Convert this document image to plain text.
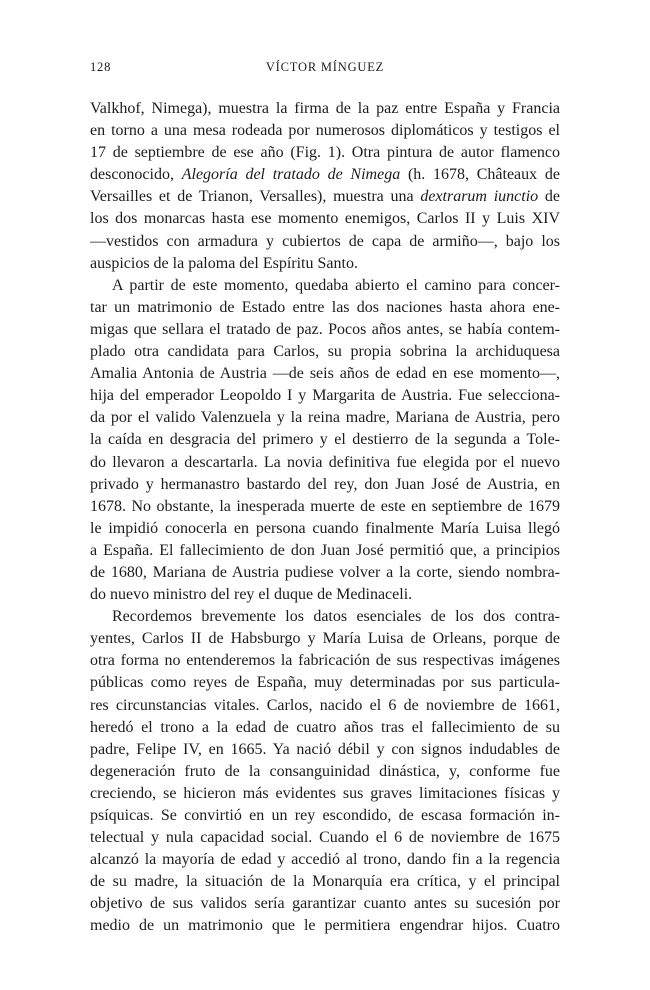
128	VÍCTOR MÍNGUEZ
Valkhof, Nimega), muestra la firma de la paz entre España y Francia
en torno a una mesa rodeada por numerosos diplomáticos y testigos el
17 de septiembre de ese año (Fig. 1). Otra pintura de autor flamenco
desconocido, Alegoría del tratado de Nimega (h. 1678, Châteaux de
Versailles et de Trianon, Versalles), muestra una dextrarum iunctio de
los dos monarcas hasta ese momento enemigos, Carlos II y Luis XIV
—vestidos con armadura y cubiertos de capa de armiño—, bajo los
auspicios de la paloma del Espíritu Santo.
A partir de este momento, quedaba abierto el camino para concer-
tar un matrimonio de Estado entre las dos naciones hasta ahora ene-
migas que sellara el tratado de paz. Pocos años antes, se había contem-
plado otra candidata para Carlos, su propia sobrina la archiduquesa
Amalia Antonia de Austria —de seis años de edad en ese momento—,
hija del emperador Leopoldo I y Margarita de Austria. Fue selecciona-
da por el valido Valenzuela y la reina madre, Mariana de Austria, pero
la caída en desgracia del primero y el destierro de la segunda a Tole-
do llevaron a descartarla. La novia definitiva fue elegida por el nuevo
privado y hermanastro bastardo del rey, don Juan José de Austria, en
1678. No obstante, la inesperada muerte de este en septiembre de 1679
le impidió conocerla en persona cuando finalmente María Luisa llegó
a España. El fallecimiento de don Juan José permitió que, a principios
de 1680, Mariana de Austria pudiese volver a la corte, siendo nombra-
do nuevo ministro del rey el duque de Medinaceli.
Recordemos brevemente los datos esenciales de los dos contra-
yentes, Carlos II de Habsburgo y María Luisa de Orleans, porque de
otra forma no entenderemos la fabricación de sus respectivas imágenes
públicas como reyes de España, muy determinadas por sus particula-
res circunstancias vitales. Carlos, nacido el 6 de noviembre de 1661,
heredó el trono a la edad de cuatro años tras el fallecimiento de su
padre, Felipe IV, en 1665. Ya nació débil y con signos indudables de
degeneración fruto de la consanguinidad dinástica, y, conforme fue
creciendo, se hicieron más evidentes sus graves limitaciones físicas y
psíquicas. Se convirtió en un rey escondido, de escasa formación in-
telectual y nula capacidad social. Cuando el 6 de noviembre de 1675
alcanzó la mayoría de edad y accedió al trono, dando fin a la regencia
de su madre, la situación de la Monarquía era crítica, y el principal
objetivo de sus validos sería garantizar cuanto antes su sucesión por
medio de un matrimonio que le permitiera engendrar hijos. Cuatro
